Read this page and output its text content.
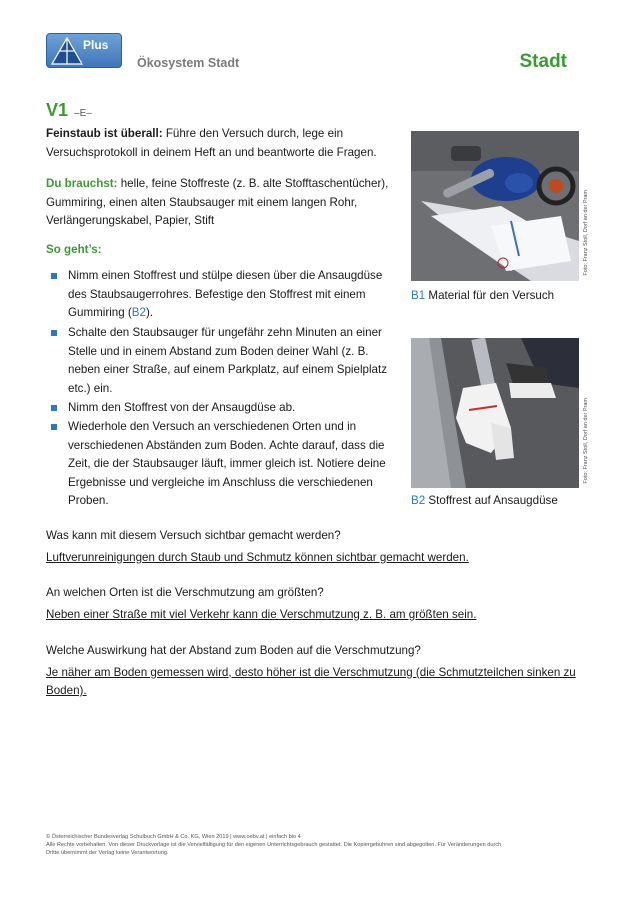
Plus
Ökosystem Stadt	Stadt
V1 –E–
Feinstaub ist überall: Führe den Versuch durch, lege ein
Versuchsprotokoll in deinem Heft an und beantworte die Fragen.
Du brauchst: helle, feine Stoffreste (z. B. alte Stofftaschentücher),
Gummiring, einen alten Staubsauger mit einem langen Rohr,
Verlängerungskabel, Papier, Stift
So geht’s:
Nimm einen Stoffrest und stülpe diesen über die Ansaugdüse
des Staubsaugerrohres. Befestige den Stoffrest mit einem
Gummiring (B2).
Schalte den Staubsauger für ungefähr zehn Minuten an einer
Stelle und in einem Abstand zum Boden deiner Wahl (z. B.
neben einer Straße, auf einem Parkplatz, auf einem Spielplatz
etc.) ein.
Nimm den Stoffrest von der Ansaugdüse ab.
Wiederhole den Versuch an verschiedenen Orten und in
verschiedenen Abständen zum Boden. Achte darauf, dass die
Zeit, die der Staubsauger läuft, immer gleich ist. Notiere deine
Ergebnisse und vergleiche im Anschluss die verschiedenen
Proben.
Foto: Franz Stoll, Dorf an der Pram
B1 Material für den Versuch
Foto: Franz Stoll, Dorf an der Pram
B2 Stoffrest auf Ansaugdüse
Was kann mit diesem Versuch sichtbar gemacht werden?
Luftverunreinigungen durch Staub und Schmutz können sichtbar gemacht werden.
An welchen Orten ist die Verschmutzung am größten?
Neben einer Straße mit viel Verkehr kann die Verschmutzung z. B. am größten sein.
Welche Auswirkung hat der Abstand zum Boden auf die Verschmutzung?
Je näher am Boden gemessen wird, desto höher ist die Verschmutzung (die Schmutzteilchen sinken zu
Boden).
© Österreichischer Bundesverlag Schulbuch GmbH & Co. KG, Wien 2019 | www.oebv.at | einfach bio 4
Alle Rechte vorbehalten. Von dieser Druckvorlage ist die Vervielfältigung für den eigenen Unterrichtsgebrauch gestattet. Die Kopiergebühren sind abgegolten. Für Veränderungen durch
Dritte übernimmt der Verlag keine Verantwortung.
